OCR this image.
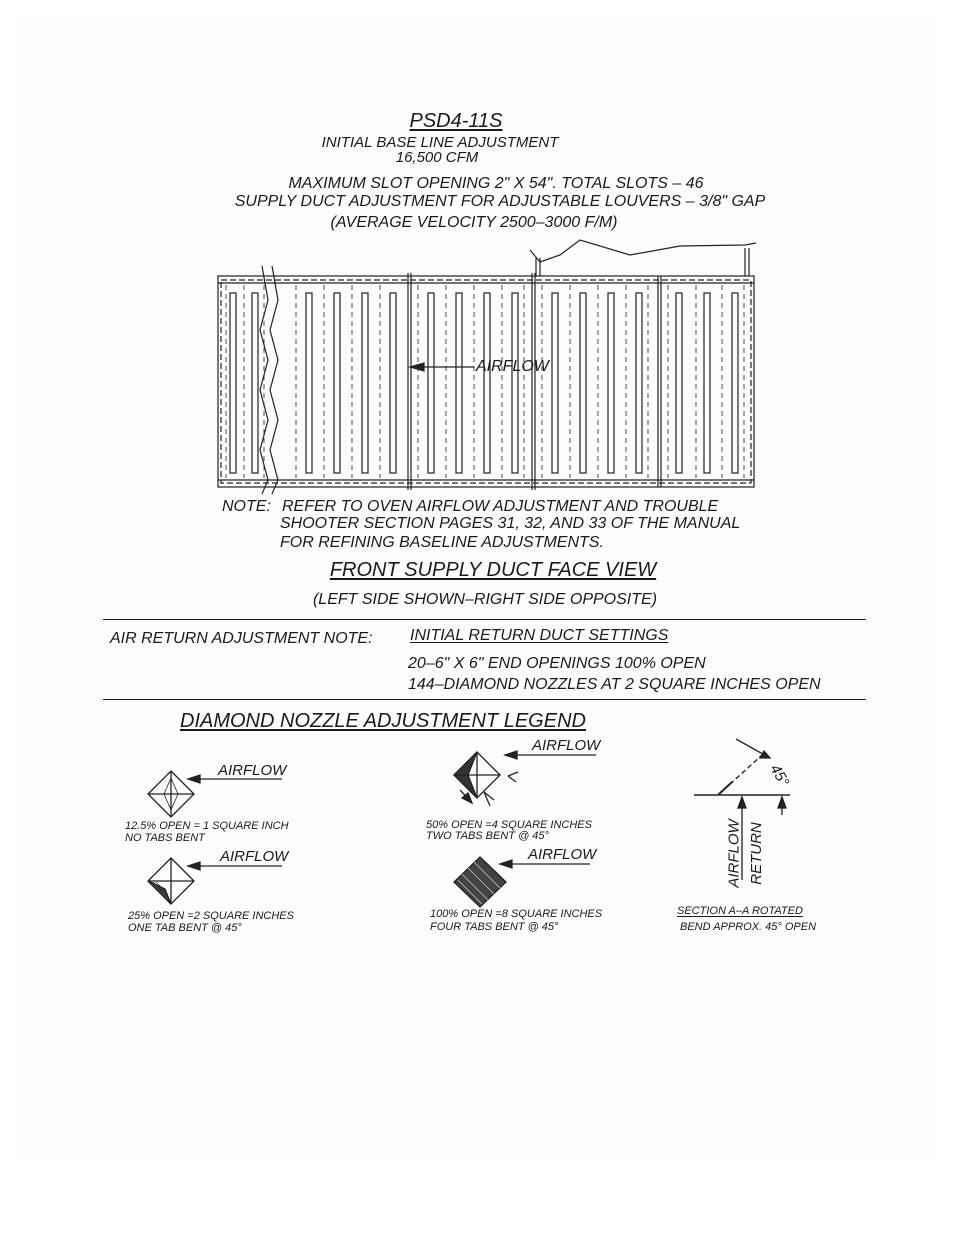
PSD4-11S
INITIAL BASE LINE ADJUSTMENT
16,500 CFM
MAXIMUM SLOT OPENING 2" X 54". TOTAL SLOTS – 46
SUPPLY DUCT ADJUSTMENT FOR ADJUSTABLE LOUVERS – 3/8" GAP
(AVERAGE VELOCITY 2500–3000 F/M)
AIRFLOW
NOTE: REFER TO OVEN AIRFLOW ADJUSTMENT AND TROUBLE
SHOOTER SECTION PAGES 31, 32, AND 33 OF THE MANUAL
FOR REFINING BASELINE ADJUSTMENTS.
FRONT SUPPLY DUCT FACE VIEW
(LEFT SIDE SHOWN–RIGHT SIDE OPPOSITE)
AIR RETURN ADJUSTMENT NOTE: INITIAL RETURN DUCT SETTINGS
20–6" X 6" END OPENINGS 100% OPEN
144–DIAMOND NOZZLES AT 2 SQUARE INCHES OPEN
DIAMOND NOZZLE ADJUSTMENT LEGEND
AIRFLOW
12.5% OPEN = 1 SQUARE INCH
NO TABS BENT
AIRFLOW
25% OPEN =2 SQUARE INCHES
ONE TAB BENT @ 45°
AIRFLOW
50% OPEN =4 SQUARE INCHES
TWO TABS BENT @ 45°
AIRFLOW
100% OPEN =8 SQUARE INCHES
FOUR TABS BENT @ 45°
45°
AIRFLOW RETURN
SECTION A–A ROTATED
BEND APPROX. 45° OPEN
